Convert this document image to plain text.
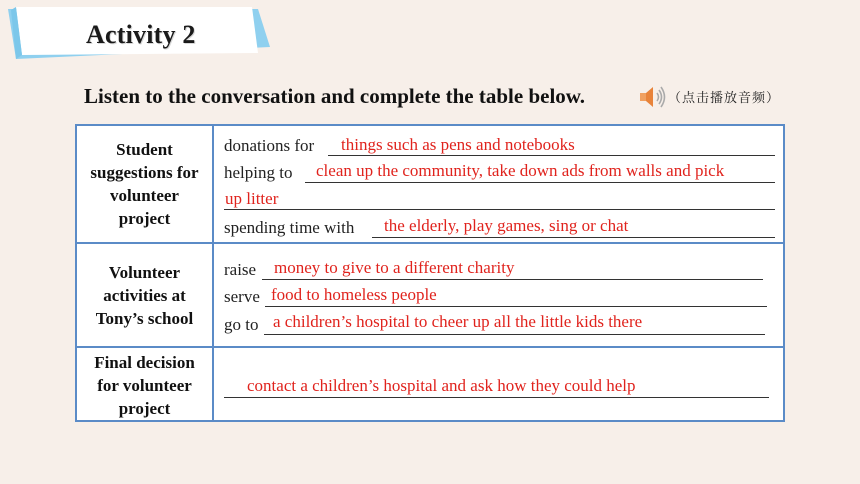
Activity 2
Listen to the conversation and complete the table below.	（点击播放音频）
Student suggestions for volunteer project
donations for things such as pens and notebooks
helping to clean up the community, take down ads from walls and pick
up litter
spending time with the elderly, play games, sing or chat
Volunteer activities at Tony’s school
raise money to give to a different charity
serve food to homeless people
go to a children’s hospital to cheer up all the little kids there
Final decision for volunteer project
contact a children’s hospital and ask how they could help
